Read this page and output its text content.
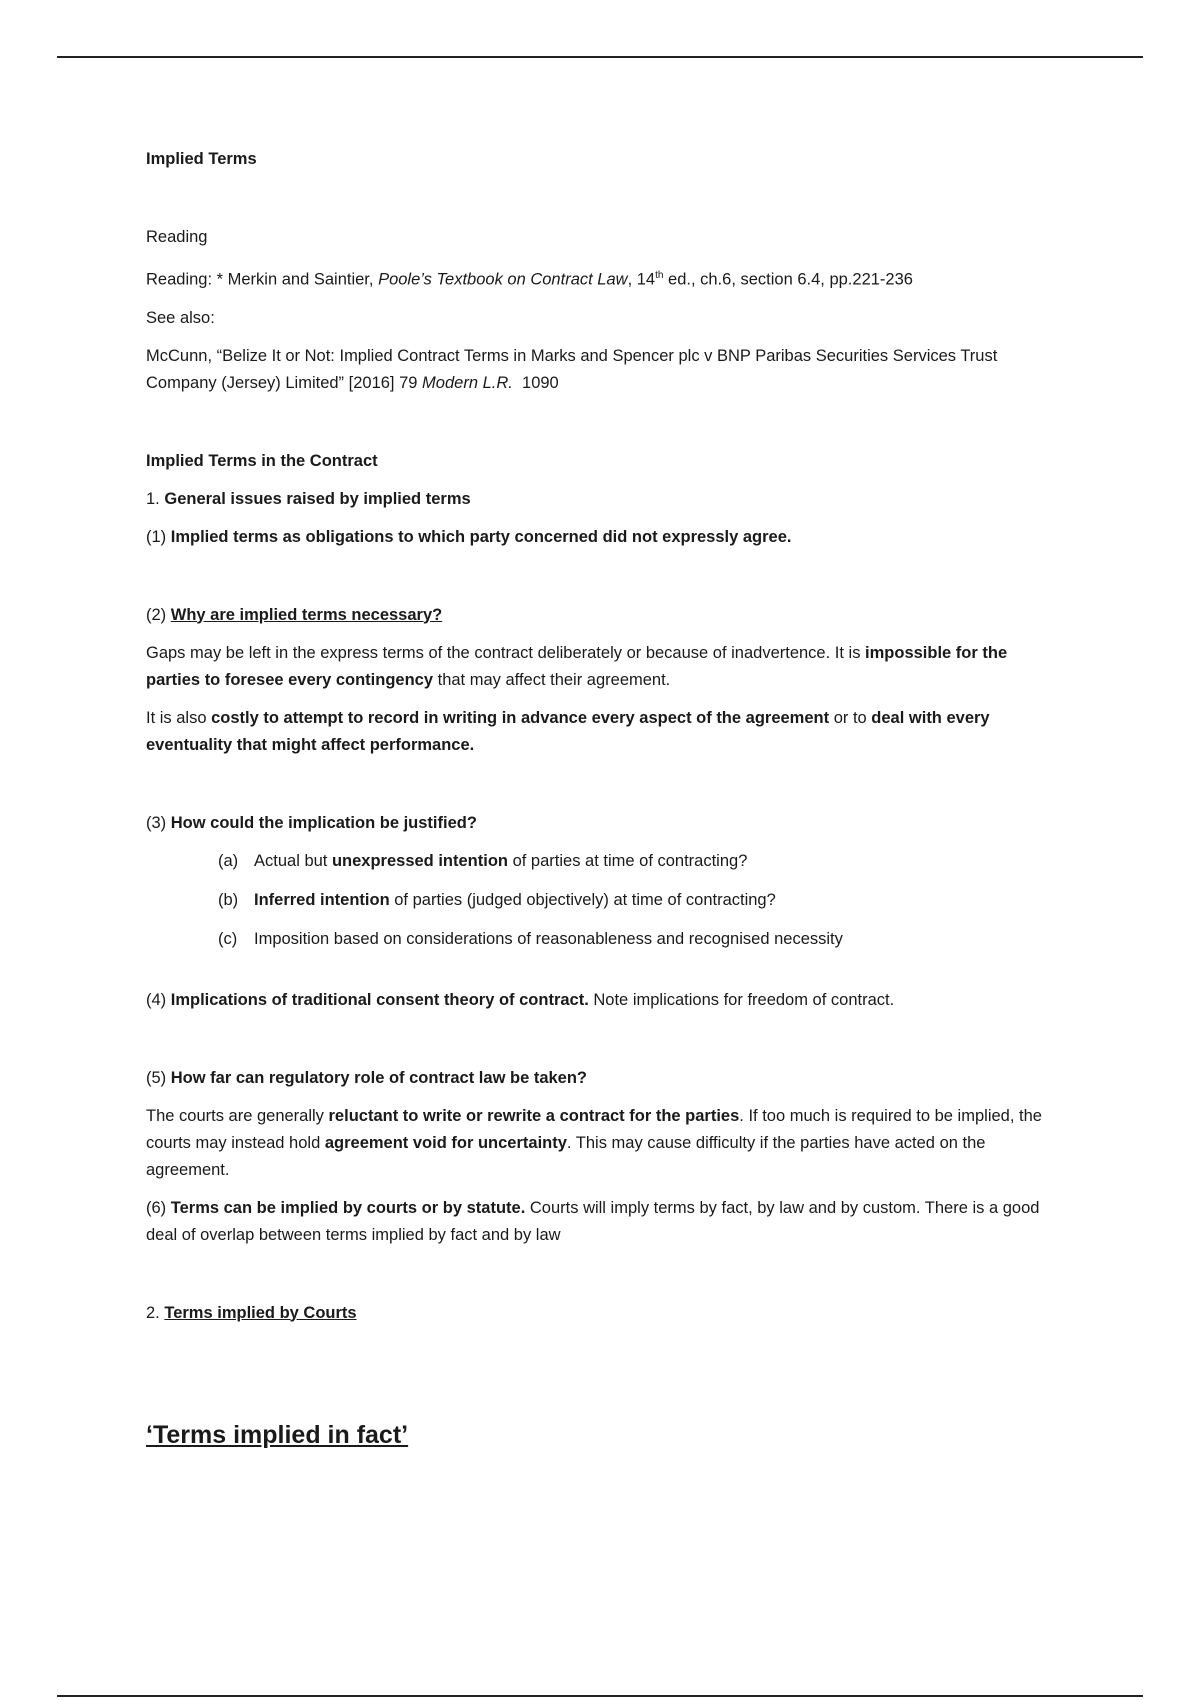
Implied Terms

Reading

Reading: * Merkin and Saintier, Poole’s Textbook on Contract Law, 14th ed., ch.6, section 6.4, pp.221-236

See also:

McCunn, “Belize It or Not: Implied Contract Terms in Marks and Spencer plc v BNP Paribas Securities Services Trust Company (Jersey) Limited” [2016] 79 Modern L.R.  1090

Implied Terms in the Contract

1. General issues raised by implied terms

(1) Implied terms as obligations to which party concerned did not expressly agree.

(2) Why are implied terms necessary?

Gaps may be left in the express terms of the contract deliberately or because of inadvertence. It is impossible for the parties to foresee every contingency that may affect their agreement.

It is also costly to attempt to record in writing in advance every aspect of the agreement or to deal with every eventuality that might affect performance.

(3) How could the implication be justified?

(a) Actual but unexpressed intention of parties at time of contracting?
(b) Inferred intention of parties (judged objectively) at time of contracting?
(c)	Imposition based on considerations of reasonableness and recognised necessity

(4) Implications of traditional consent theory of contract. Note implications for freedom of contract.

(5) How far can regulatory role of contract law be taken?

The courts are generally reluctant to write or rewrite a contract for the parties. If too much is required to be implied, the courts may instead hold agreement void for uncertainty. This may cause difficulty if the parties have acted on the agreement.

(6) Terms can be implied by courts or by statute. Courts will imply terms by fact, by law and by custom. There is a good deal of overlap between terms implied by fact and by law

2. Terms implied by Courts

‘Terms implied in fact’
